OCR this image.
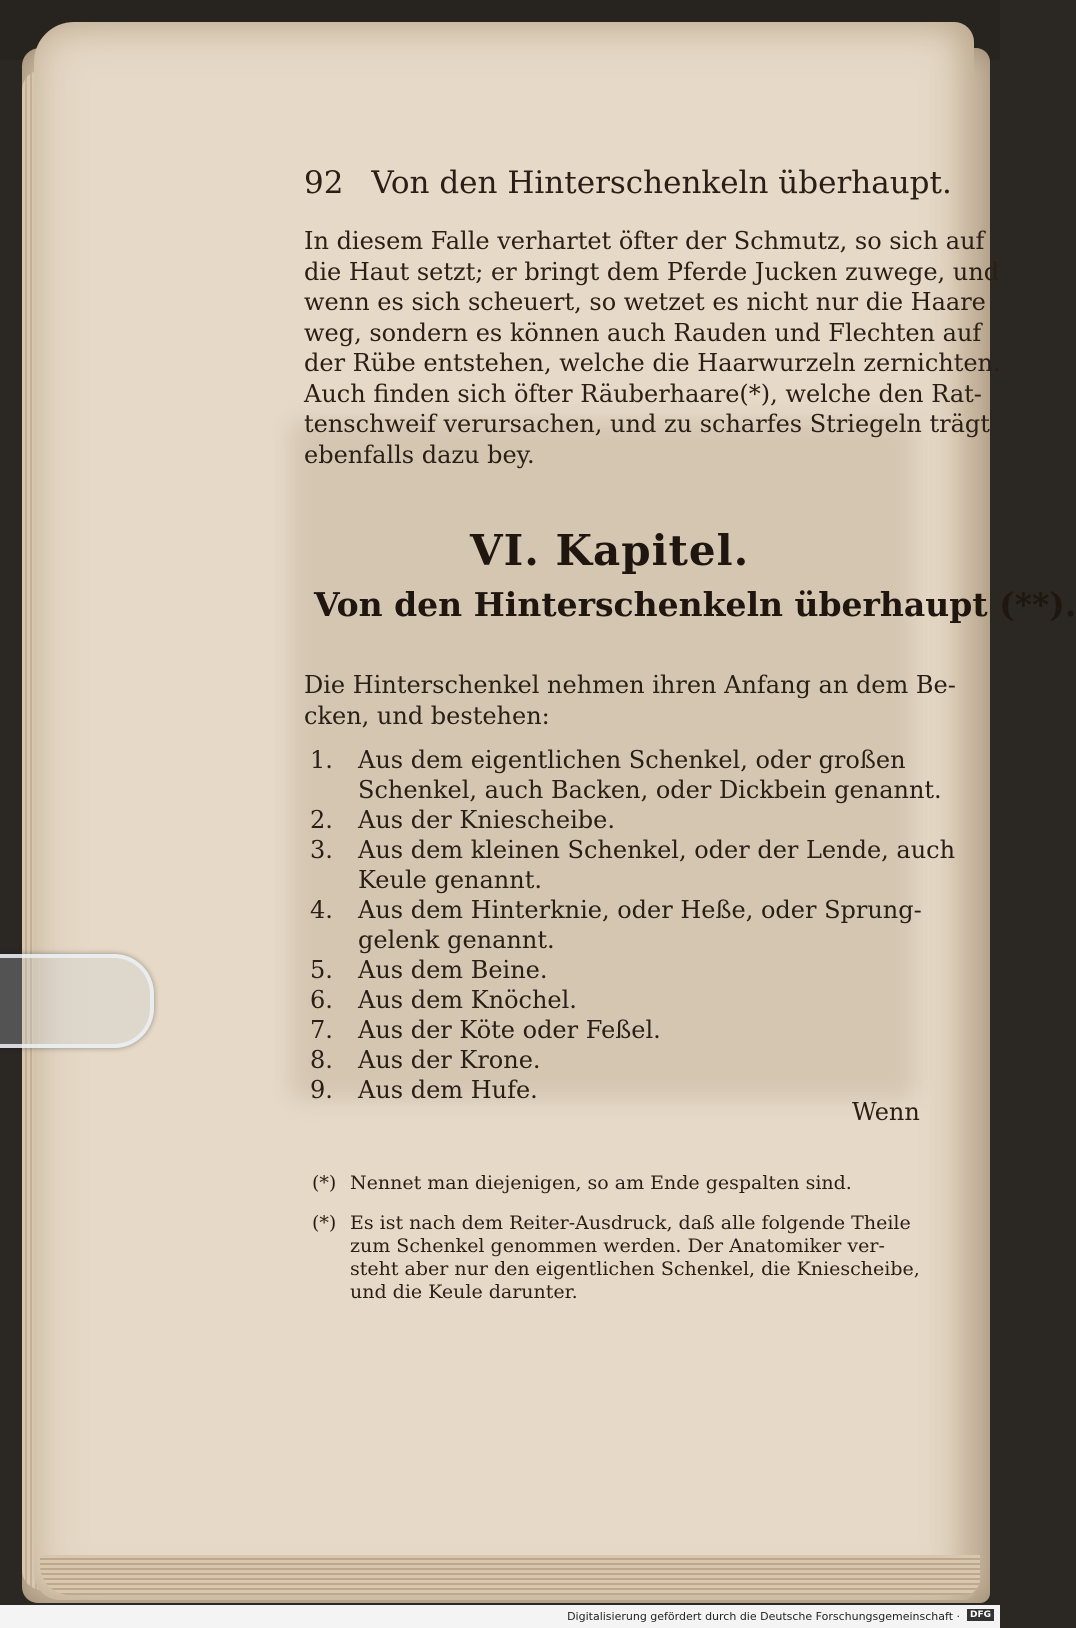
92 Von den Hinterschenkeln überhaupt.
In diesem Falle verhartet öfter der Schmutz, so sich auf
die Haut setzt; er bringt dem Pferde Jucken zuwege, und
wenn es sich scheuert, so wetzet es nicht nur die Haare
weg, sondern es können auch Rauden und Flechten auf
der Rübe entstehen, welche die Haarwurzeln zernichten.
Auch finden sich öfter Räuberhaare(*), welche den Rat-
tenschweif verursachen, und zu scharfes Striegeln trägt
ebenfalls dazu bey.
VI. Kapitel.
Von den Hinterschenkeln überhaupt (**).
Die Hinterschenkel nehmen ihren Anfang an dem Be-
cken, und bestehen:
1. Aus dem eigentlichen Schenkel, oder großen
Schenkel, auch Backen, oder Dickbein genannt.
2. Aus der Kniescheibe.
3. Aus dem kleinen Schenkel, oder der Lende, auch
Keule genannt.
4. Aus dem Hinterknie, oder Heße, oder Sprung-
gelenk genannt.
5. Aus dem Beine.
6. Aus dem Knöchel.
7. Aus der Köte oder Feßel.
8. Aus der Krone.
9. Aus dem Hufe.
Wenn
(*) Nennet man diejenigen, so am Ende gespalten sind.
(*) Es ist nach dem Reiter-Ausdruck, daß alle folgende Theile
zum Schenkel genommen werden. Der Anatomiker ver-
steht aber nur den eigentlichen Schenkel, die Kniescheibe,
und die Keule darunter.
Digitalisierung gefördert durch die Deutsche Forschungsgemeinschaft ·	DFG
